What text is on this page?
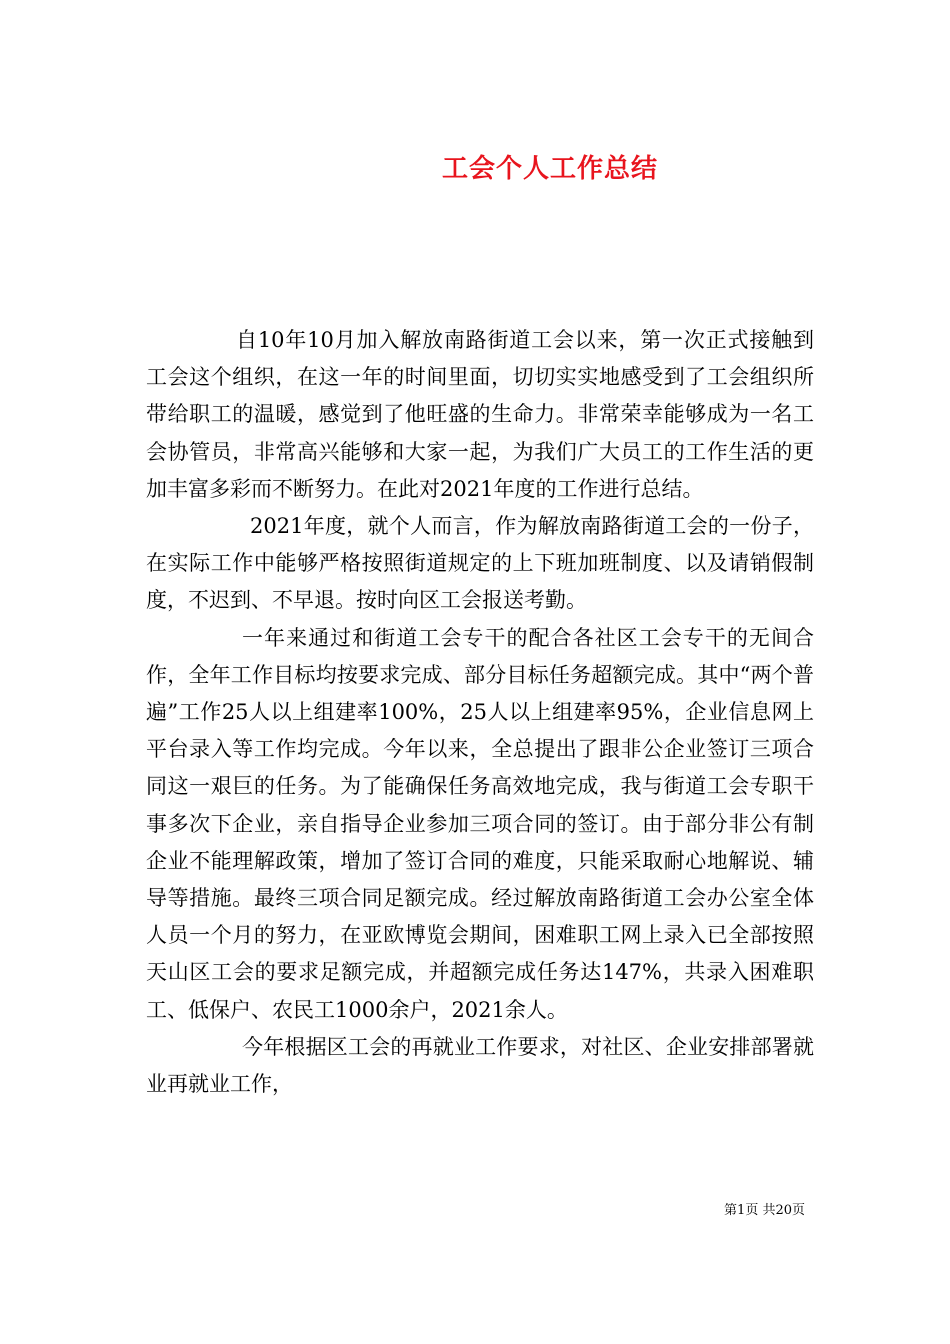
工会个人工作总结

自10年10月加入解放南路街道工会以来，第一次正式接触到工会这个组织，在这一年的时间里面，切切实实地感受到了工会组织所带给职工的温暖，感觉到了他旺盛的生命力。非常荣幸能够成为一名工会协管员，非常高兴能够和大家一起，为我们广大员工的工作生活的更加丰富多彩而不断努力。在此对2021年度的工作进行总结。

2021年度，就个人而言，作为解放南路街道工会的一份子，在实际工作中能够严格按照街道规定的上下班加班制度、以及请销假制度，不迟到、不早退。按时向区工会报送考勤。

一年来通过和街道工会专干的配合各社区工会专干的无间合作，全年工作目标均按要求完成、部分目标任务超额完成。其中“两个普遍”工作25人以上组建率100%，25人以上组建率95%，企业信息网上平台录入等工作均完成。今年以来，全总提出了跟非公企业签订三项合同这一艰巨的任务。为了能确保任务高效地完成，我与街道工会专职干事多次下企业，亲自指导企业参加三项合同的签订。由于部分非公有制企业不能理解政策，增加了签订合同的难度，只能采取耐心地解说、辅导等措施。最终三项合同足额完成。经过解放南路街道工会办公室全体人员一个月的努力，在亚欧博览会期间，困难职工网上录入已全部按照天山区工会的要求足额完成，并超额完成任务达147%，共录入困难职工、低保户、农民工1000余户，2021余人。

今年根据区工会的再就业工作要求，对社区、企业安排部署就业再就业工作，

第1页 共20页
